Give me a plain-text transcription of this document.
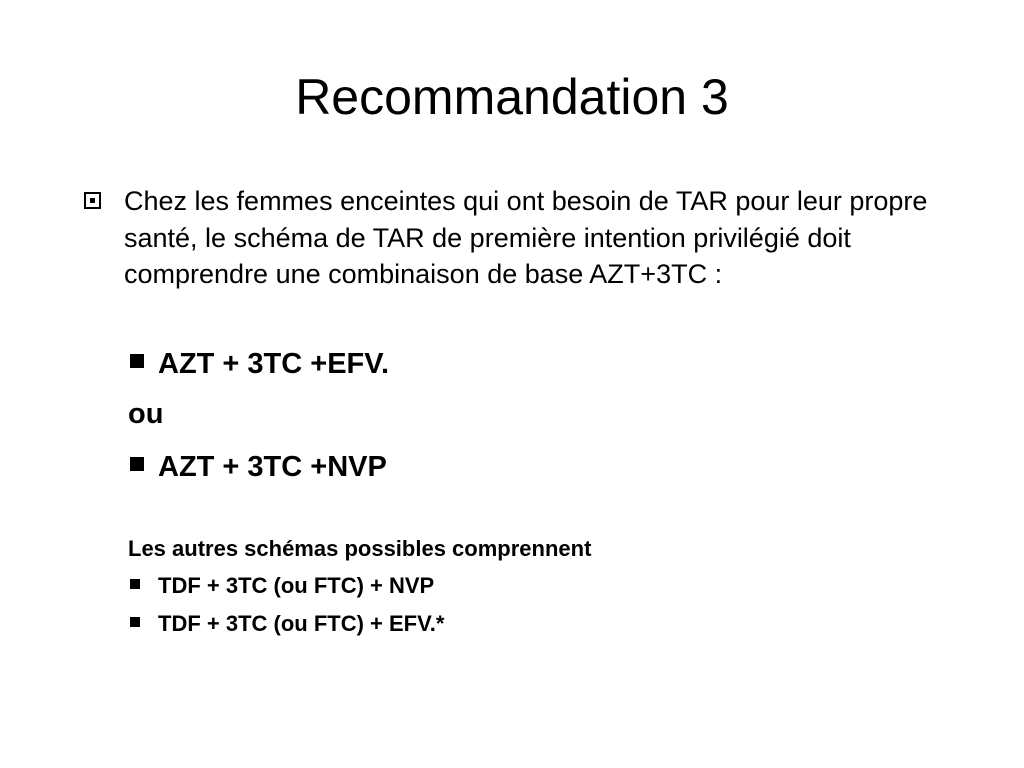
Recommandation 3
Chez les femmes enceintes qui ont besoin de TAR pour leur propre santé, le schéma de TAR de première intention privilégié doit comprendre une combinaison de base AZT+3TC :
AZT + 3TC +EFV.
ou
AZT + 3TC +NVP
Les autres schémas possibles comprennent
TDF + 3TC (ou FTC) + NVP
TDF + 3TC (ou FTC) + EFV.*
